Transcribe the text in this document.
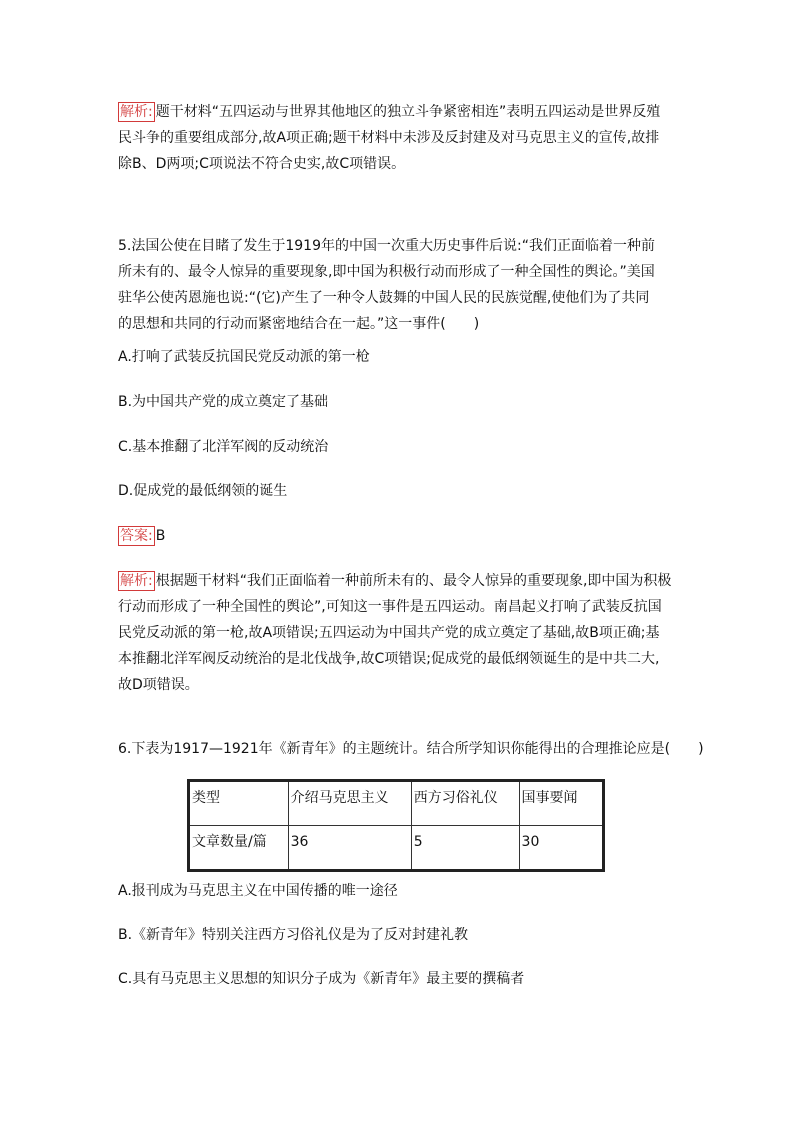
解析: 题干材料“五四运动与世界其他地区的独立斗争紧密相连”表明五四运动是世界反殖
民斗争的重要组成部分,故A项正确;题干材料中未涉及反封建及对马克思主义的宣传,故排
除B、D两项;C项说法不符合史实,故C项错误。
5.法国公使在目睹了发生于1919年的中国一次重大历史事件后说:“我们正面临着一种前
所未有的、最令人惊异的重要现象,即中国为积极行动而形成了一种全国性的舆论。”美国
驻华公使芮恩施也说:“(它)产生了一种令人鼓舞的中国人民的民族觉醒,使他们为了共同
的思想和共同的行动而紧密地结合在一起。”这一事件(　　)
A.打响了武装反抗国民党反动派的第一枪
B.为中国共产党的成立奠定了基础
C.基本推翻了北洋军阀的反动统治
D.促成党的最低纲领的诞生
答案: B
解析: 根据题干材料“我们正面临着一种前所未有的、最令人惊异的重要现象,即中国为积极
行动而形成了一种全国性的舆论”,可知这一事件是五四运动。南昌起义打响了武装反抗国
民党反动派的第一枪,故A项错误;五四运动为中国共产党的成立奠定了基础,故B项正确;基
本推翻北洋军阀反动统治的是北伐战争,故C项错误;促成党的最低纲领诞生的是中共二大,
故D项错误。
6.下表为1917—1921年《新青年》的主题统计。结合所学知识你能得出的合理推论应是(　　)
类型	介绍马克思主义	西方习俗礼仪	国事要闻
文章数量/篇	36	5	30
A.报刊成为马克思主义在中国传播的唯一途径
B.《新青年》特别关注西方习俗礼仪是为了反对封建礼教
C.具有马克思主义思想的知识分子成为《新青年》最主要的撰稿者
